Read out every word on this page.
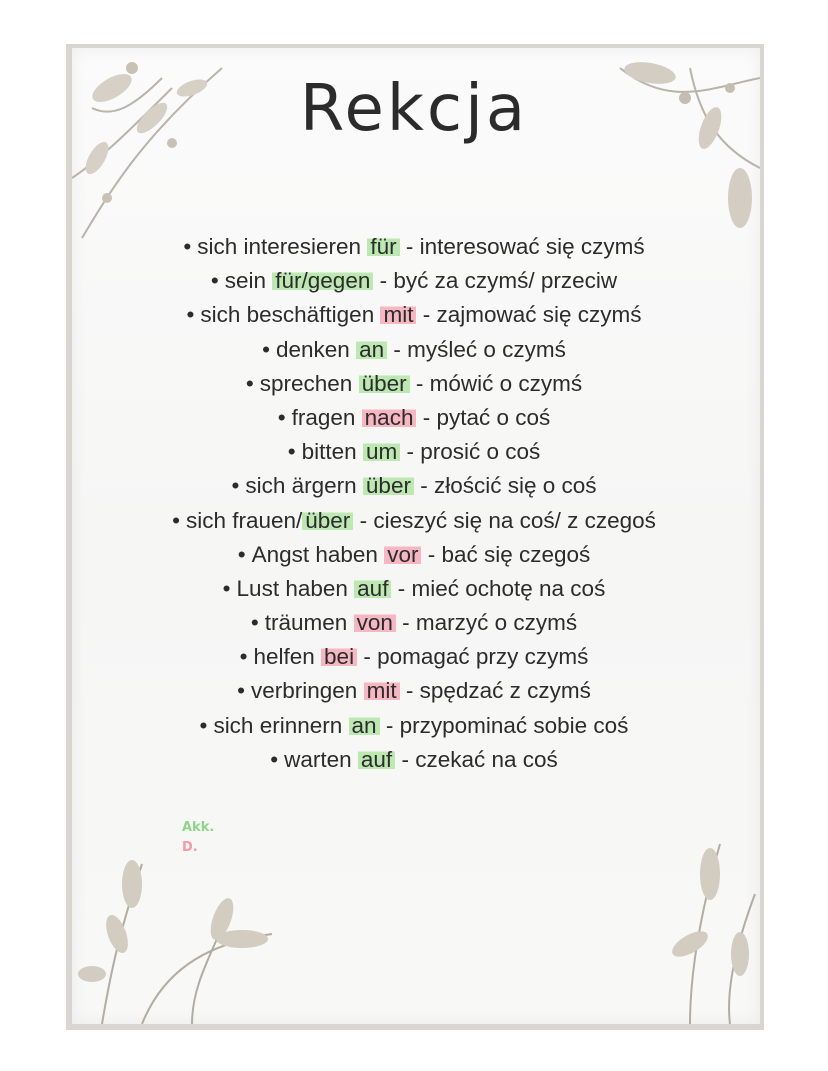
Rekcja
• sich interesieren für - interesować się czymś
• sein für/gegen - być za czymś/ przeciw
• sich beschäftigen mit - zajmować się czymś
• denken an - myśleć o czymś
• sprechen über - mówić o czymś
• fragen nach - pytać o coś
• bitten um - prosić o coś
• sich ärgern über - złościć się o coś
• sich frauen/ über - cieszyć się na coś/ z czegoś
• Angst haben vor - bać się czegoś
• Lust haben auf - mieć ochotę na coś
• träumen von - marzyć o czymś
• helfen bei - pomagać przy czymś
• verbringen mit - spędzać z czymś
• sich erinnern an - przypominać sobie coś
• warten auf - czekać na coś
Akk.
D.
